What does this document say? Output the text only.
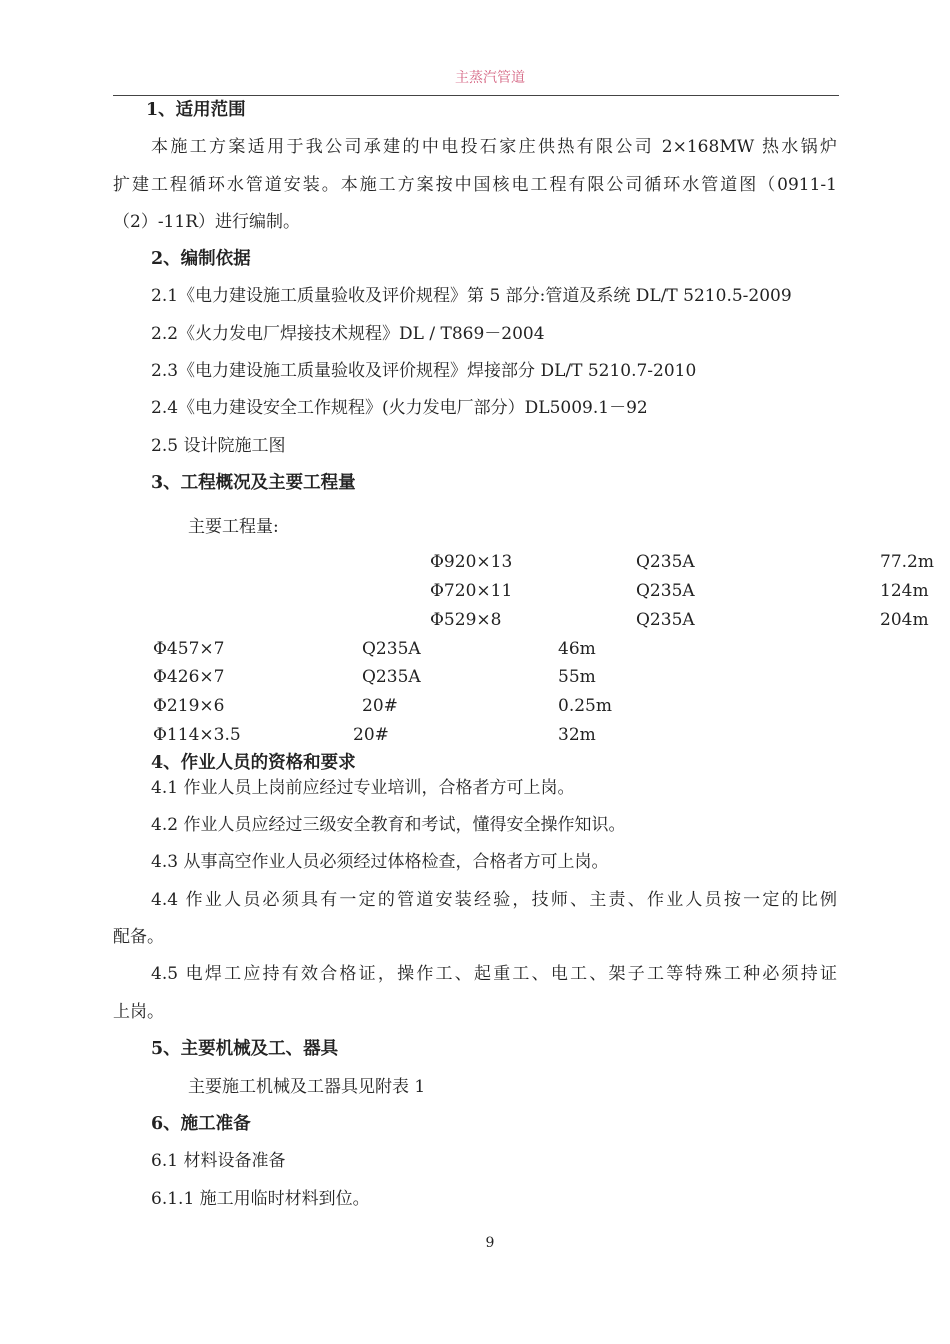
主蒸汽管道
1、适用范围
本施工方案适用于我公司承建的中电投石家庄供热有限公司 2×168MW 热水锅炉
扩建工程循环水管道安装。本施工方案按中国核电工程有限公司循环水管道图（0911-1
（2）-11R）进行编制。
2、编制依据
2.1《电力建设施工质量验收及评价规程》第 5 部分:管道及系统 DL/T 5210.5-2009
2.2《火力发电厂焊接技术规程》DL / T869－2004
2.3《电力建设施工质量验收及评价规程》焊接部分 DL/T 5210.7-2010
2.4《电力建设安全工作规程》(火力发电厂部分）DL5009.1－92
2.5 设计院施工图
3、工程概况及主要工程量
主要工程量:
Φ920×13	Q235A	77.2m
Φ720×11	Q235A	124m
Φ529×8	Q235A	204m
Φ457×7	Q235A	46m
Φ426×7	Q235A	55m
Φ219×6	20#	0.25m
Φ114×3.5	20#	32m
4、作业人员的资格和要求
4.1 作业人员上岗前应经过专业培训，合格者方可上岗。
4.2 作业人员应经过三级安全教育和考试，懂得安全操作知识。
4.3 从事高空作业人员必须经过体格检查，合格者方可上岗。
4.4 作业人员必须具有一定的管道安装经验，技师、主责、作业人员按一定的比例
配备。
4.5 电焊工应持有效合格证，操作工、起重工、电工、架子工等特殊工种必须持证
上岗。
5、主要机械及工、器具
主要施工机械及工器具见附表 1
6、施工准备
6.1 材料设备准备
6.1.1 施工用临时材料到位。
9
